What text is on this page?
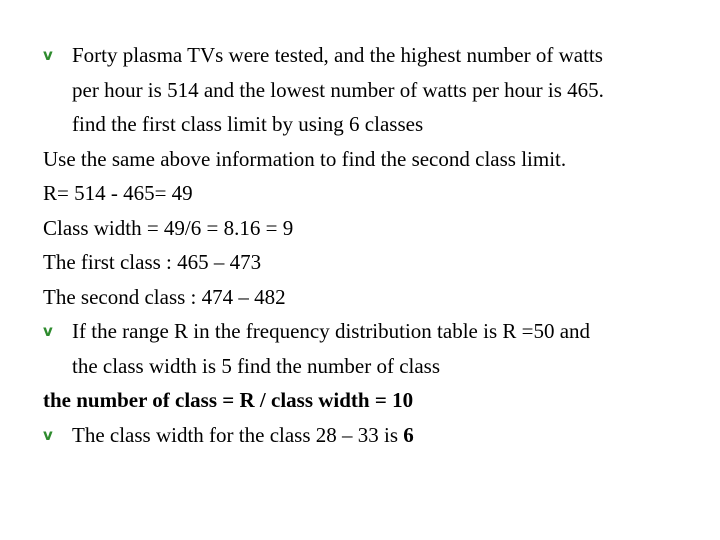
v Forty plasma TVs were tested, and the highest number of watts
per hour is 514 and the lowest number of watts per hour is 465.
find the first class limit by using 6 classes
Use the same above information to find the second class limit.
R= 514 - 465= 49
Class width = 49/6 = 8.16 = 9
The first class : 465 – 473
The second class : 474 – 482
v If the range R in the frequency distribution table is R =50 and
the class width is 5 find the number of class
the number of class = R / class width = 10
v The class width for the class 28 – 33 is 6
